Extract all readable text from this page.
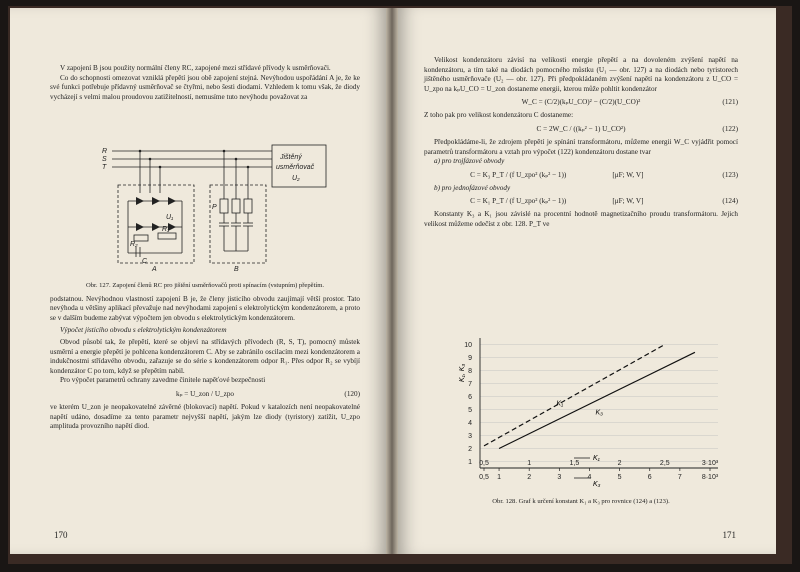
V zapojení B jsou použity normální členy RC, zapojené mezi střídavé přívody k usměrňovači.

Co do schopnosti omezovat vzniklá přepětí jsou obě zapojení stejná. Nevýhodou uspořádání A je, že ke své funkci potřebuje přídavný usměrňovač se čtyřmi, nebo šesti diodami. Vzhledem k tomu však, že diody vycházejí s velmi malou proudovou zatižitelností, nemusíme tuto nevýhodu považovat za

R
S
T
Jištěný
usměrňovač
U₂
A	B
U₁
R₁
R₂
C
P
Obr. 127. Zapojení členů RC pro jištění usměrňovačů proti spínacím (vstupním) přepětím.

podstatnou. Nevýhodnou vlastností zapojení B je, že členy jisticího obvodu zaujímají větší prostor. Tato nevýhoda u většiny aplikací převažuje nad nevýhodami zapojení s elektrolytickým kondenzátorem, a proto se v dalším budeme zabývat výpočtem jen obvodu s elektrolytickým kondenzátorem.

Výpočet jisticího obvodu s elektrolytickým kondenzátorem

Obvod působí tak, že přepětí, které se objeví na střídavých přívodech (R, S, T), pomocný můstek usměrní a energie přepětí je pohlcena kondenzátorem C. Aby se zabránilo oscilacím mezi kondenzátorem a indukčnostmi střídavého obvodu, zařazuje se do série s kondenzátorem odpor R₁. Přes odpor R₂ se vybíjí kondenzátor C po tom, když se přepětím nabil.

Pro výpočet parametrů ochrany zavedme činitele napěťové bezpečnosti

kₚ = U_zon / U_zpo	(120)

ve kterém U_zon je neopakovatelné závěrné (blokovací) napětí. Pokud v katalozích není neopakovatelné napětí udáno, dosadíme za tento parametr nejvyšší napětí, jakým lze diody (tyristory) zatížit, U_zpo amplituda provozního napětí diod.

170

Velikost kondenzátoru závisí na velikosti energie přepětí a na dovoleném zvýšení napětí na kondenzátoru, a tím také na diodách pomocného můstku (U₁ — obr. 127) a na diodách nebo tyristorech jištěného usměrňovače (U₂ — obr. 127). Při předpokládaném zvýšení napětí na kondenzátoru z U_CO = U_zpo na kₚU_CO = U_zon dostaneme energii, kterou může pohltit kondenzátor

W_C = (C/2)(kₚU_CO)² − (C/2)(U_CO)²	(121)

Z toho pak pro velikost kondenzátoru C dostaneme:

C = 2W_C / ((kₚ² − 1) U_CO²)	(122)

Předpokládáme-li, že zdrojem přepětí je spínání transformátoru, můžeme energii W_C vyjádřit pomocí parametrů transformátoru a vztah pro výpočet (122) kondenzátoru dostane tvar

a) pro trojfázové obvody

C = K₃ P_T / (f U_zpo² (kₚ² − 1))	[μF; W, V]	(123)

b) pro jednofázové obvody

C = K₁ P_T / (f U_zpo² (kₚ² − 1))	[μF; W, V]	(124)

Konstanty K₃ a K₁ jsou závislé na procentní hodnotě magnetizačního proudu transformátoru. Jejich velikost můžeme odečíst z obr. 128. P_T ve

K₁
K₃
1
2
3
4
5
6
7
8
9
10
0,5	1	1,5	2	2,5	3·10³
0,5 1	2	3	4	5	6	7	8·10³
K₁, K₃
K₁
K₃
Obr. 128. Graf k určení konstant K₁ a K₃ pro rovnice (124) a (123).
171
